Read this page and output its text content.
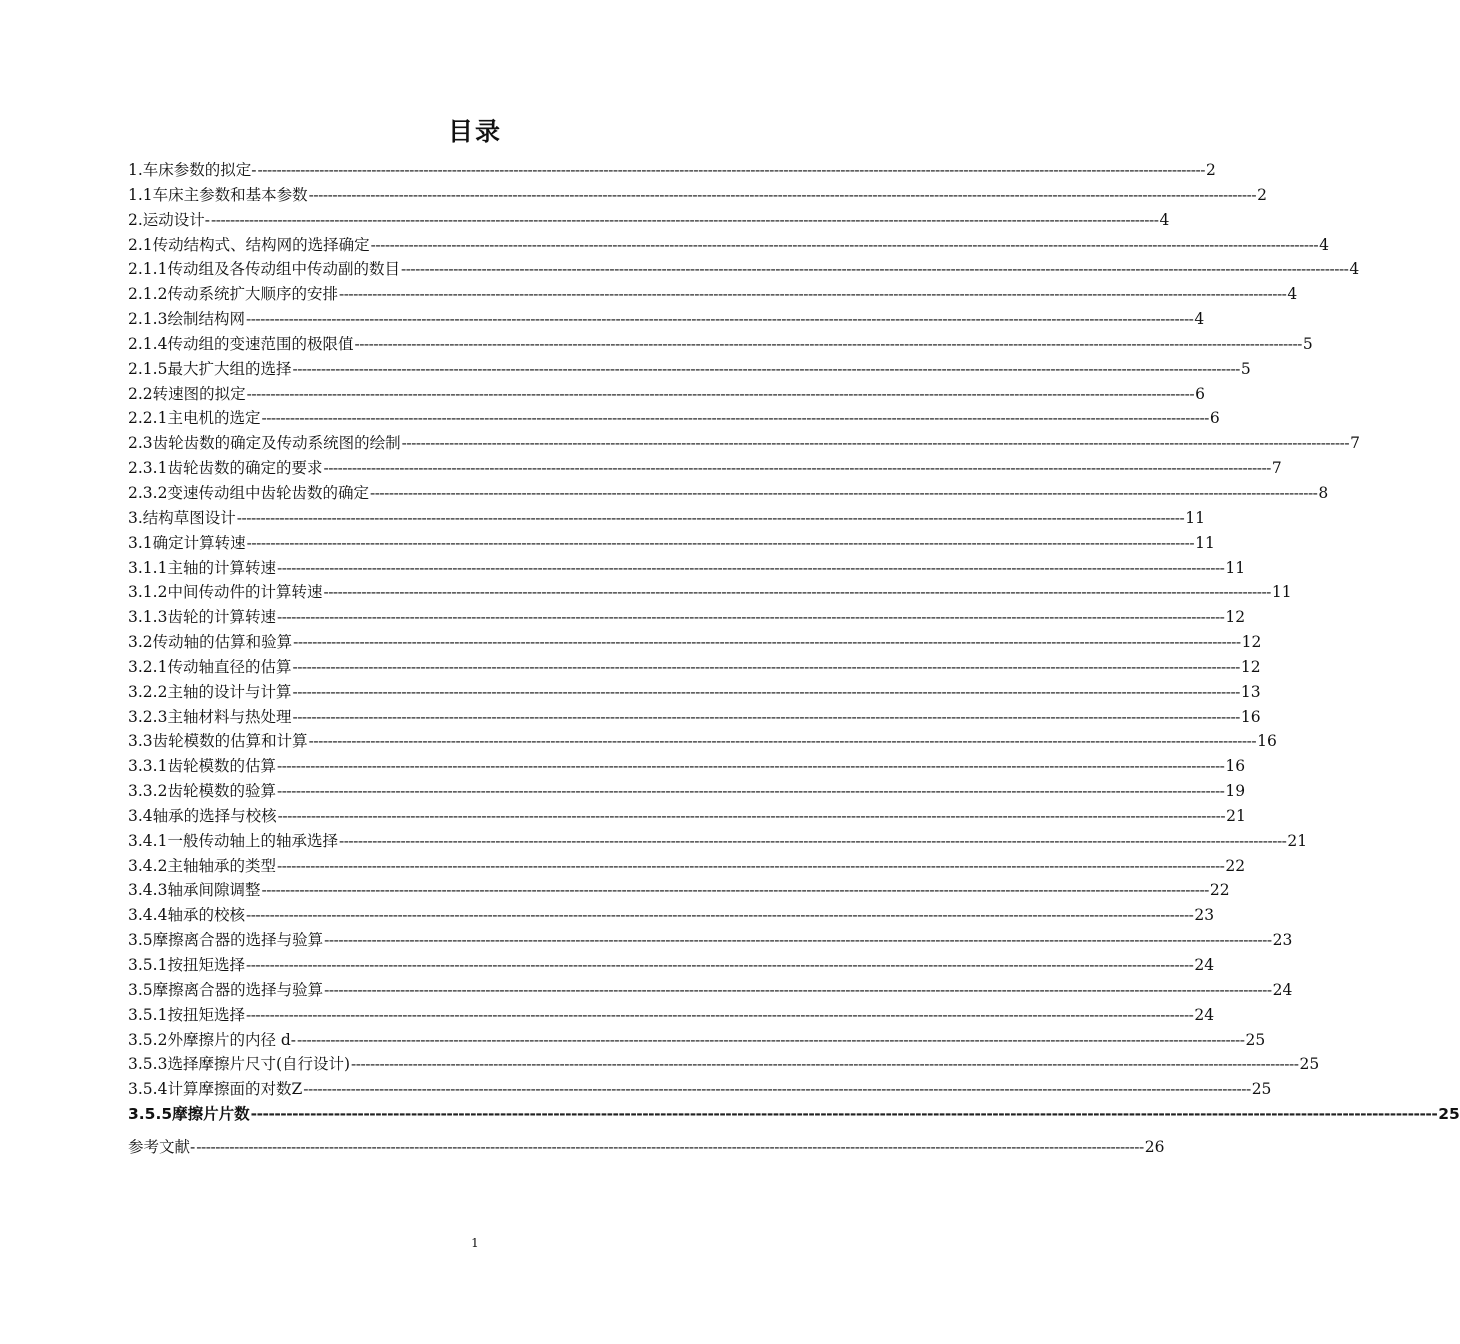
目录
1.车床参数的拟定- -------------------------------------------------------------------------------------------------------------------------------------------------------------------------------------------------------- 2
1.1车床主参数和基本参数 -------------------------------------------------------------------------------------------------------------------------------------------------------------------------------------------------------- 2
2.运动设计- -------------------------------------------------------------------------------------------------------------------------------------------------------------------------------------------------------- 4
2.1传动结构式、结构网的选择确定 -------------------------------------------------------------------------------------------------------------------------------------------------------------------------------------------------------- 4
2.1.1传动组及各传动组中传动副的数目 -------------------------------------------------------------------------------------------------------------------------------------------------------------------------------------------------------- 4
2.1.2传动系统扩大顺序的安排 -------------------------------------------------------------------------------------------------------------------------------------------------------------------------------------------------------- 4
2.1.3绘制结构网 -------------------------------------------------------------------------------------------------------------------------------------------------------------------------------------------------------- 4
2.1.4传动组的变速范围的极限值 -------------------------------------------------------------------------------------------------------------------------------------------------------------------------------------------------------- 5
2.1.5最大扩大组的选择 -------------------------------------------------------------------------------------------------------------------------------------------------------------------------------------------------------- 5
2.2转速图的拟定 -------------------------------------------------------------------------------------------------------------------------------------------------------------------------------------------------------- 6
2.2.1主电机的选定 -------------------------------------------------------------------------------------------------------------------------------------------------------------------------------------------------------- 6
2.3齿轮齿数的确定及传动系统图的绘制 -------------------------------------------------------------------------------------------------------------------------------------------------------------------------------------------------------- 7
2.3.1齿轮齿数的确定的要求 -------------------------------------------------------------------------------------------------------------------------------------------------------------------------------------------------------- 7
2.3.2变速传动组中齿轮齿数的确定 -------------------------------------------------------------------------------------------------------------------------------------------------------------------------------------------------------- 8
3.结构草图设计 -------------------------------------------------------------------------------------------------------------------------------------------------------------------------------------------------------- 11
3.1确定计算转速 -------------------------------------------------------------------------------------------------------------------------------------------------------------------------------------------------------- 11
3.1.1主轴的计算转速 -------------------------------------------------------------------------------------------------------------------------------------------------------------------------------------------------------- 11
3.1.2中间传动件的计算转速 -------------------------------------------------------------------------------------------------------------------------------------------------------------------------------------------------------- 11
3.1.3齿轮的计算转速 -------------------------------------------------------------------------------------------------------------------------------------------------------------------------------------------------------- 12
3.2传动轴的估算和验算 -------------------------------------------------------------------------------------------------------------------------------------------------------------------------------------------------------- 12
3.2.1传动轴直径的估算 -------------------------------------------------------------------------------------------------------------------------------------------------------------------------------------------------------- 12
3.2.2主轴的设计与计算 -------------------------------------------------------------------------------------------------------------------------------------------------------------------------------------------------------- 13
3.2.3主轴材料与热处理 -------------------------------------------------------------------------------------------------------------------------------------------------------------------------------------------------------- 16
3.3齿轮模数的估算和计算 -------------------------------------------------------------------------------------------------------------------------------------------------------------------------------------------------------- 16
3.3.1齿轮模数的估算 -------------------------------------------------------------------------------------------------------------------------------------------------------------------------------------------------------- 16
3.3.2齿轮模数的验算 -------------------------------------------------------------------------------------------------------------------------------------------------------------------------------------------------------- 19
3.4轴承的选择与校核 -------------------------------------------------------------------------------------------------------------------------------------------------------------------------------------------------------- 21
3.4.1一般传动轴上的轴承选择 -------------------------------------------------------------------------------------------------------------------------------------------------------------------------------------------------------- 21
3.4.2主轴轴承的类型 -------------------------------------------------------------------------------------------------------------------------------------------------------------------------------------------------------- 22
3.4.3轴承间隙调整 -------------------------------------------------------------------------------------------------------------------------------------------------------------------------------------------------------- 22
3.4.4轴承的校核 -------------------------------------------------------------------------------------------------------------------------------------------------------------------------------------------------------- 23
3.5摩擦离合器的选择与验算 -------------------------------------------------------------------------------------------------------------------------------------------------------------------------------------------------------- 23
3.5.1按扭矩选择 -------------------------------------------------------------------------------------------------------------------------------------------------------------------------------------------------------- 24
3.5摩擦离合器的选择与验算 -------------------------------------------------------------------------------------------------------------------------------------------------------------------------------------------------------- 24
3.5.1按扭矩选择 -------------------------------------------------------------------------------------------------------------------------------------------------------------------------------------------------------- 24
3.5.2外摩擦片的内径 d- -------------------------------------------------------------------------------------------------------------------------------------------------------------------------------------------------------- 25
3.5.3选择摩擦片尺寸(自行设计) -------------------------------------------------------------------------------------------------------------------------------------------------------------------------------------------------------- 25
3.5.4计算摩擦面的对数Z -------------------------------------------------------------------------------------------------------------------------------------------------------------------------------------------------------- 25
3.5.5摩擦片片数 -------------------------------------------------------------------------------------------------------------------------------------------------------------------------------------------------------- 25
参考文献- -------------------------------------------------------------------------------------------------------------------------------------------------------------------------------------------------------- 26
1
